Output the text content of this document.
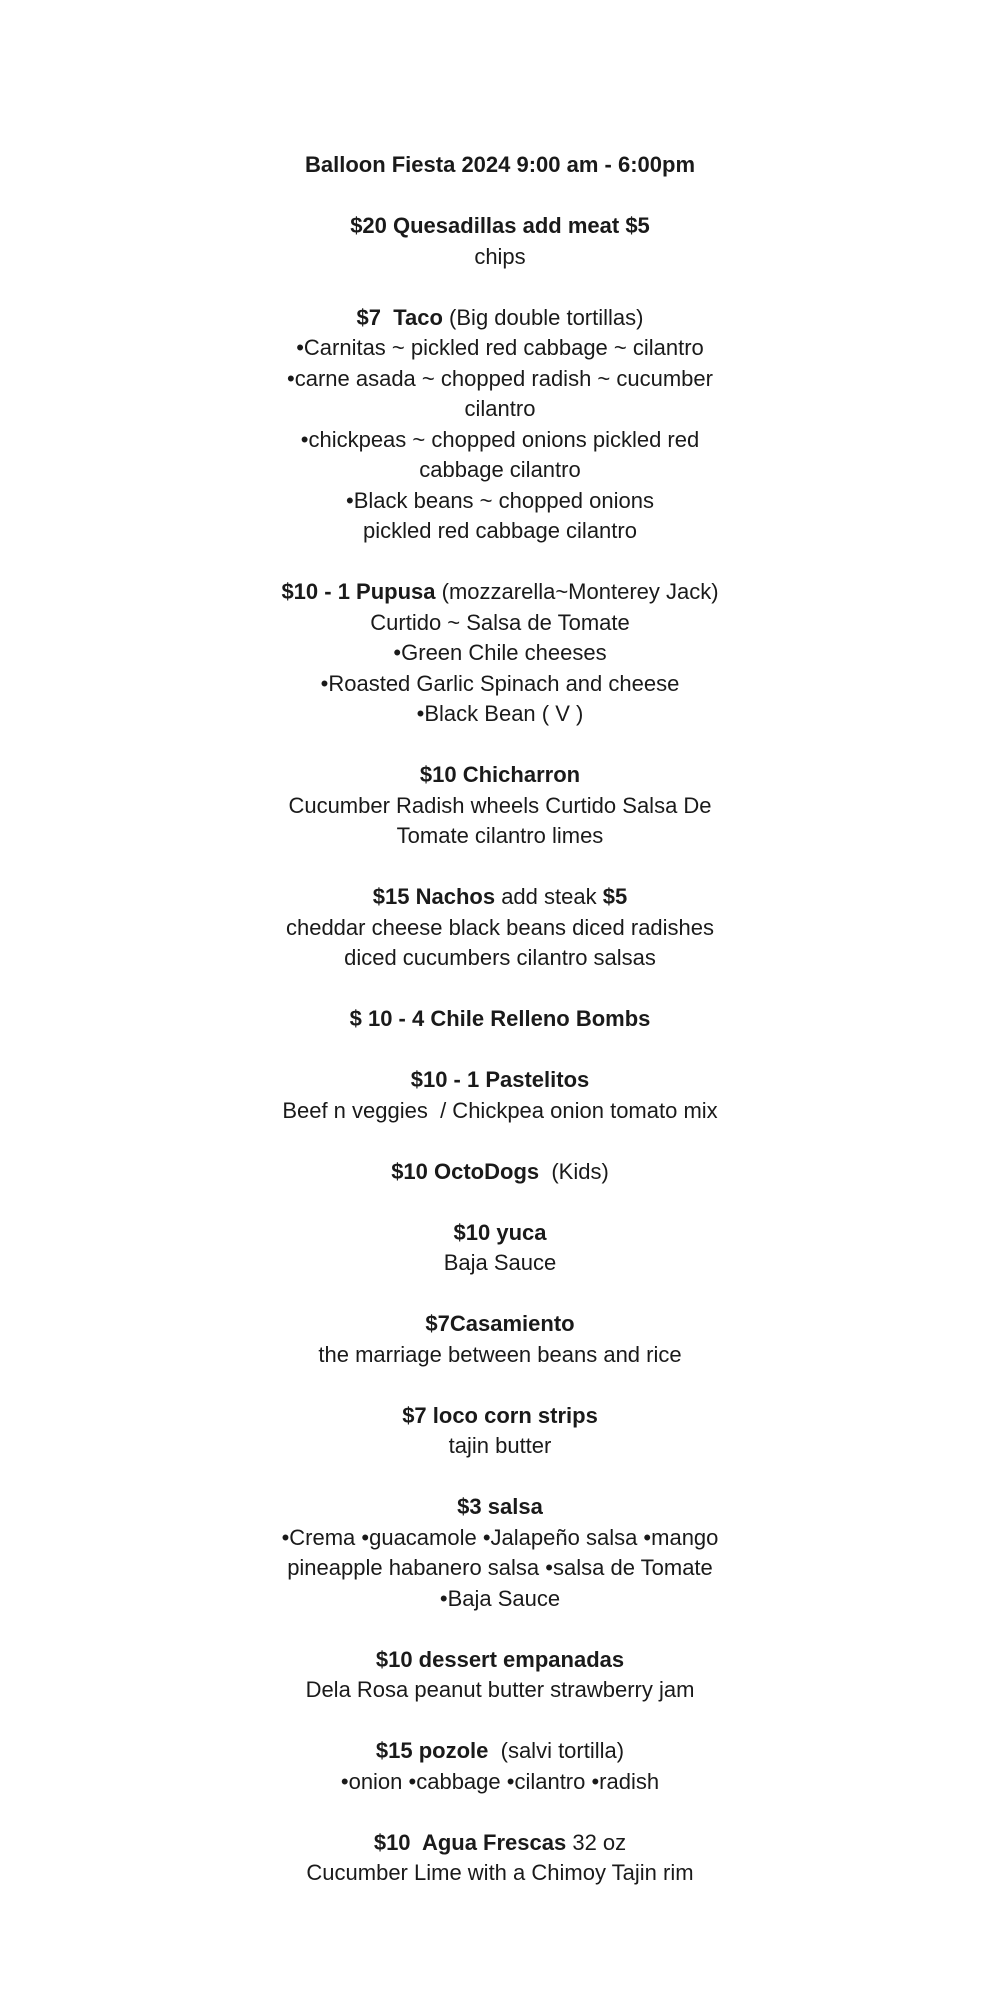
Balloon Fiesta 2024 9:00 am - 6:00pm
$20 Quesadillas add meat $5
chips
$7  Taco (Big double tortillas)
•Carnitas ~ pickled red cabbage ~ cilantro
•carne asada ~ chopped radish ~ cucumber
cilantro
•chickpeas ~ chopped onions pickled red
cabbage cilantro
•Black beans ~ chopped onions
pickled red cabbage cilantro
$10 - 1 Pupusa (mozzarella~Monterey Jack)
Curtido ~ Salsa de Tomate
•Green Chile cheeses
•Roasted Garlic Spinach and cheese
•Black Bean ( V )
$10 Chicharron
Cucumber Radish wheels Curtido Salsa De
Tomate cilantro limes
$15 Nachos add steak $5
cheddar cheese black beans diced radishes
diced cucumbers cilantro salsas
$ 10 - 4 Chile Relleno Bombs
$10 - 1 Pastelitos
Beef n veggies  / Chickpea onion tomato mix
$10 OctoDogs  (Kids)
$10 yuca
Baja Sauce
$7Casamiento
the marriage between beans and rice
$7 loco corn strips
tajin butter
$3 salsa
•Crema •guacamole •Jalapeño salsa •mango
pineapple habanero salsa •salsa de Tomate
•Baja Sauce
$10 dessert empanadas
Dela Rosa peanut butter strawberry jam
$15 pozole  (salvi tortilla)
•onion •cabbage •cilantro •radish
$10  Agua Frescas 32 oz
Cucumber Lime with a Chimoy Tajin rim
